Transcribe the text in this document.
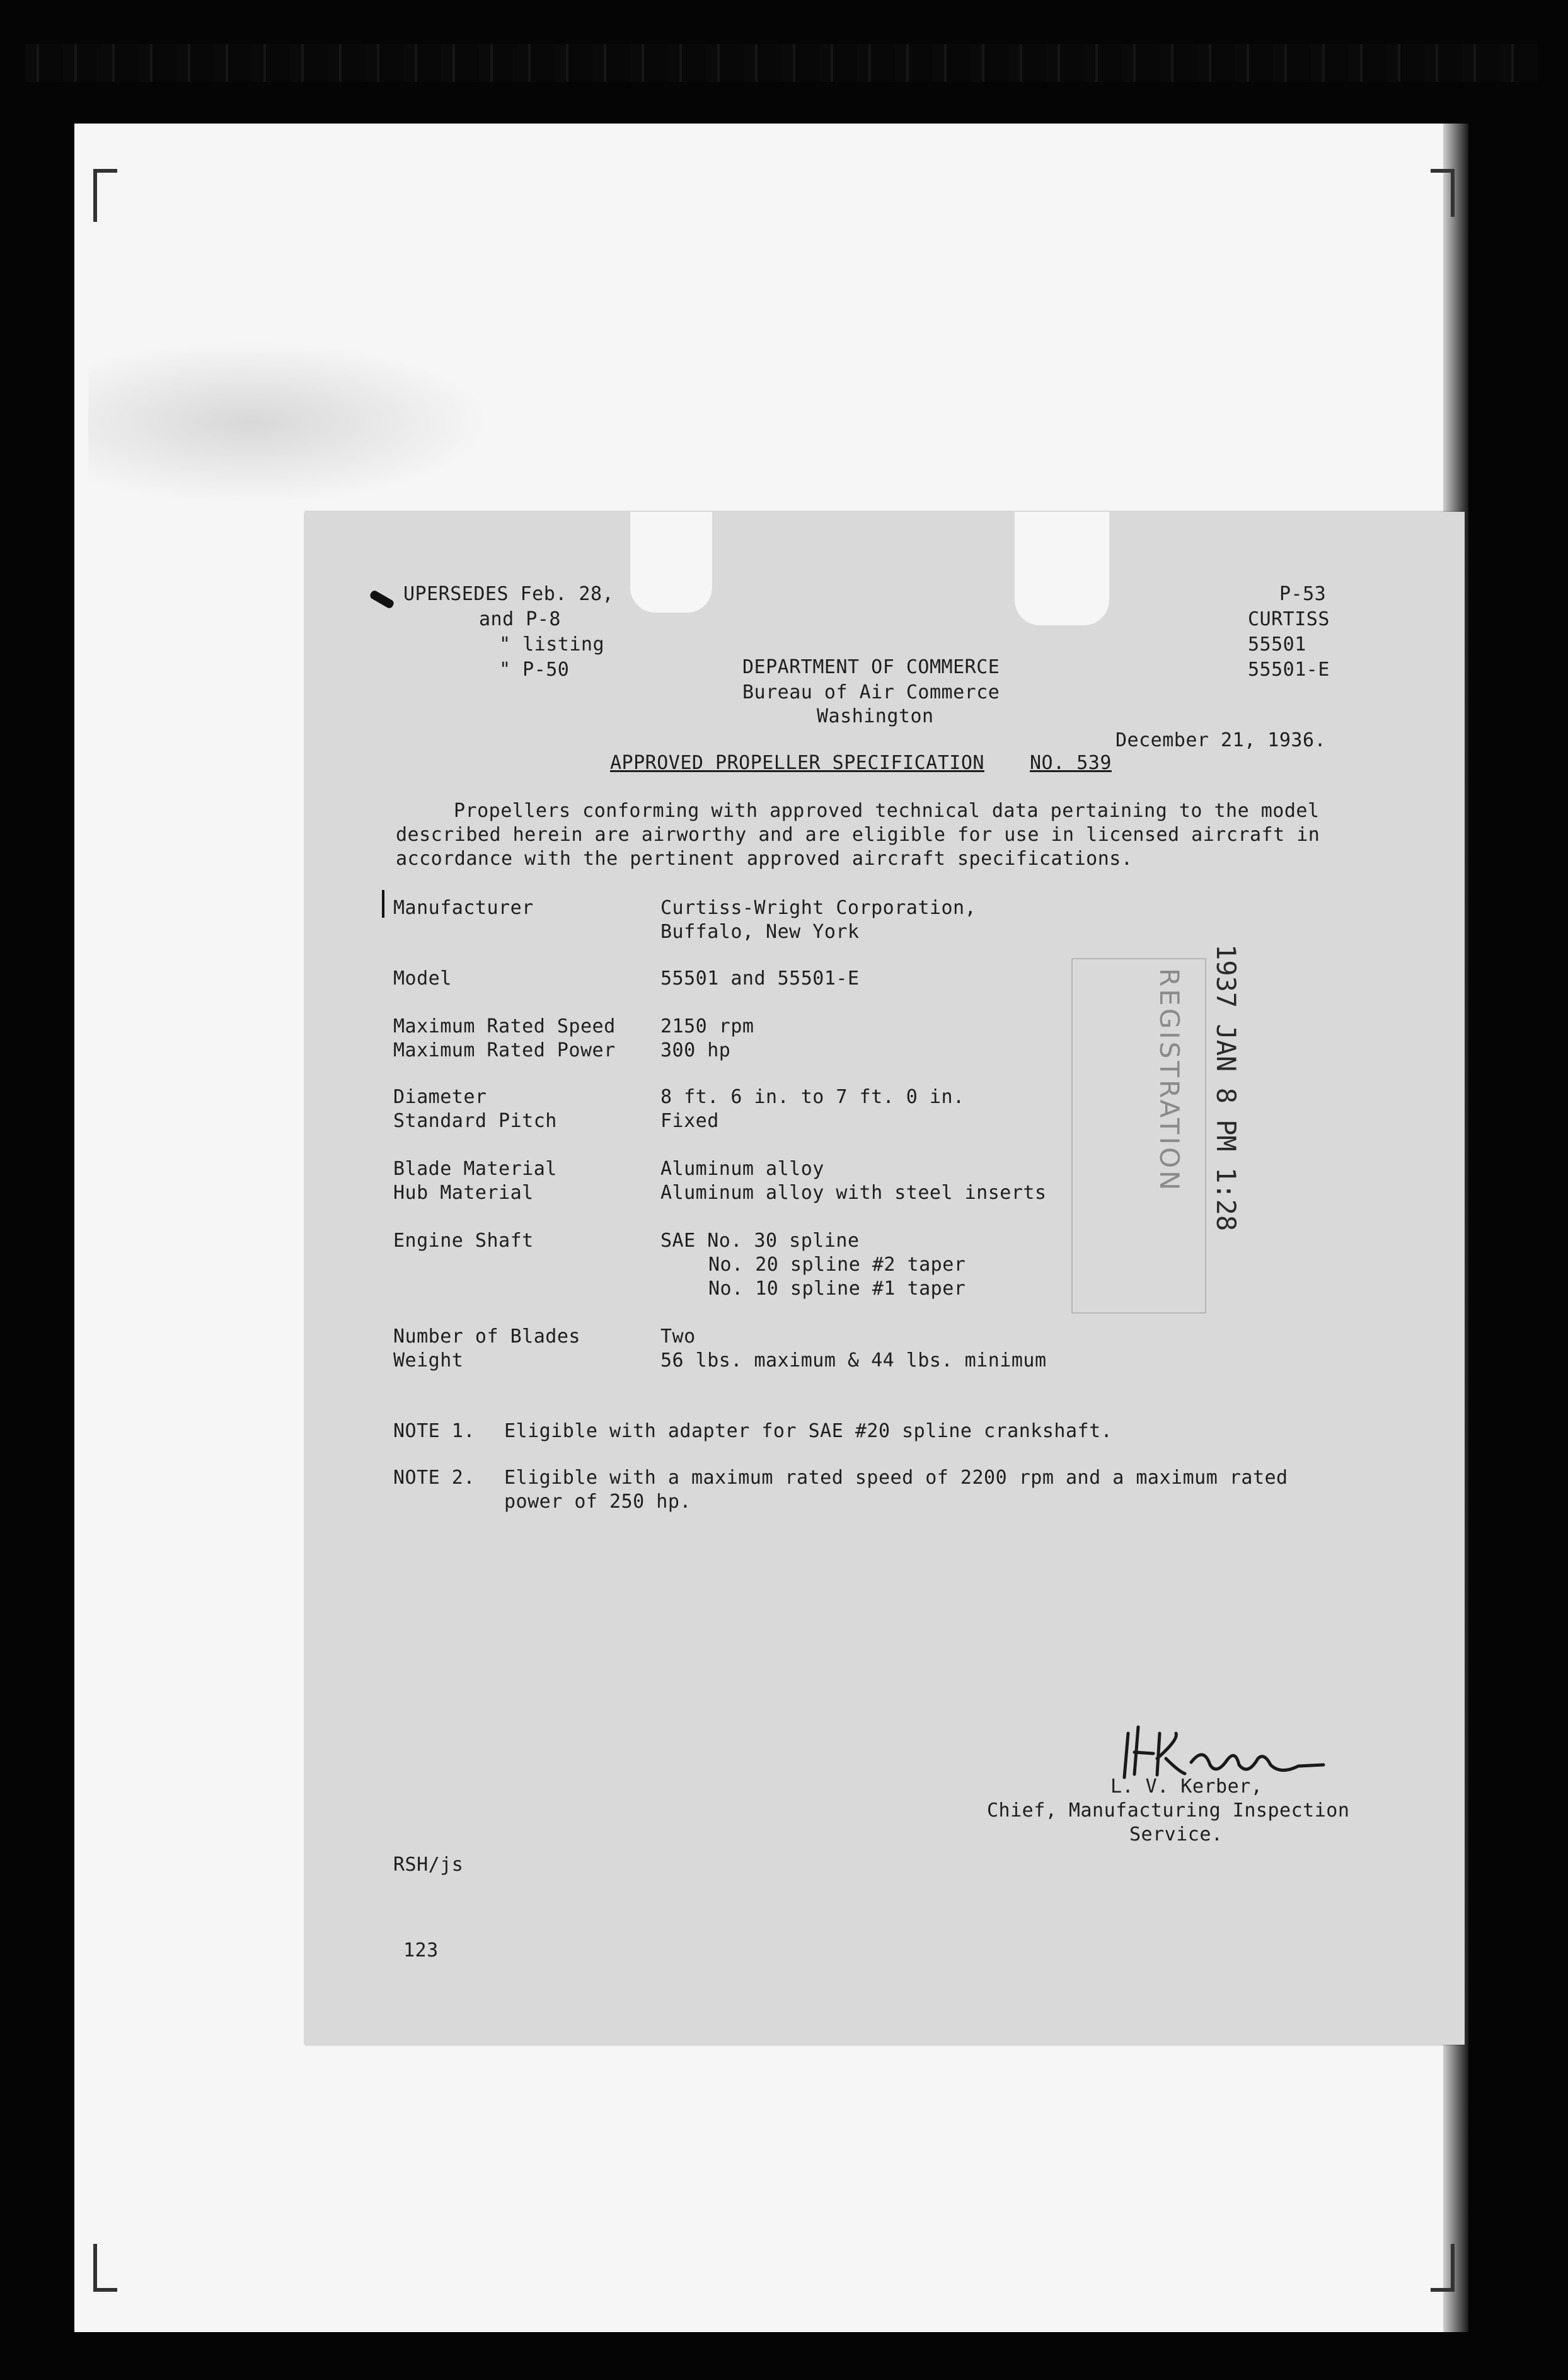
UPERSEDES Feb. 28,
and P-8
" listing
" P-50
P-53
CURTISS
55501
55501-E
DEPARTMENT OF COMMERCE
Bureau of Air Commerce
Washington
December 21, 1936.
APPROVED PROPELLER SPECIFICATION NO. 539
Propellers conforming with approved technical data pertaining to the model
described herein are airworthy and are eligible for use in licensed aircraft in
accordance with the pertinent approved aircraft specifications.
Manufacturer	Curtiss-Wright Corporation,
Buffalo, New York
Model	55501 and 55501-E
Maximum Rated Speed 2150 rpm
Maximum Rated Power 300 hp
Diameter	8 ft. 6 in. to 7 ft. 0 in.
Standard Pitch	Fixed
Blade Material	Aluminum alloy
Hub Material	Aluminum alloy with steel inserts
Engine Shaft	SAE No. 30 spline
No. 20 spline #2 taper
No. 10 spline #1 taper
Number of Blades	Two
Weight	56 lbs. maximum & 44 lbs. minimum
NOTE 1. Eligible with adapter for SAE #20 spline crankshaft.
NOTE 2. Eligible with a maximum rated speed of 2200 rpm and a maximum rated
power of 250 hp.
L. V. Kerber,
Chief, Manufacturing Inspection
Service.
RSH/js
123
1937 JAN 8 PM 1:28
REGISTRATION
